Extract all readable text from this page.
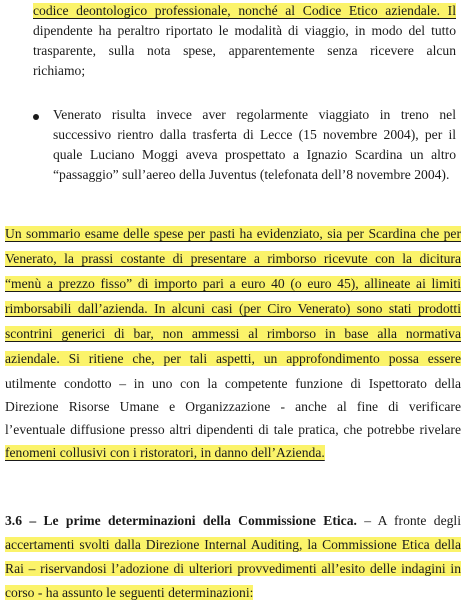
codice deontologico professionale, nonché al Codice Etico aziendale. Il
dipendente ha peraltro riportato le modalità di viaggio, in modo del tutto
trasparente, sulla nota spese, apparentemente senza ricevere alcun
richiamo;
Venerato risulta invece aver regolarmente viaggiato in treno nel
successivo rientro dalla trasferta di Lecce (15 novembre 2004), per il
quale Luciano Moggi aveva prospettato a Ignazio Scardina un altro
“passaggio” sull’aereo della Juventus (telefonata dell’8 novembre 2004).
Un sommario esame delle spese per pasti ha evidenziato, sia per Scardina che per
Venerato, la prassi costante di presentare a rimborso ricevute con la dicitura
“menù a prezzo fisso” di importo pari a euro 40 (o euro 45), allineate ai limiti
rimborsabili dall’azienda. In alcuni casi (per Ciro Venerato) sono stati prodotti
scontrini generici di bar, non ammessi al rimborso in base alla normativa
aziendale. Si ritiene che, per tali aspetti, un approfondimento possa essere
utilmente condotto – in uno con la competente funzione di Ispettorato della
Direzione Risorse Umane e Organizzazione - anche al fine di verificare
l’eventuale diffusione presso altri dipendenti di tale pratica, che potrebbe rivelare
fenomeni collusivi con i ristoratori, in danno dell’Azienda.
3.6 – Le prime determinazioni della Commissione Etica. – A fronte degli
accertamenti svolti dalla Direzione Internal Auditing, la Commissione Etica della
Rai – riservandosi l’adozione di ulteriori provvedimenti all’esito delle indagini in
corso - ha assunto le seguenti determinazioni:
